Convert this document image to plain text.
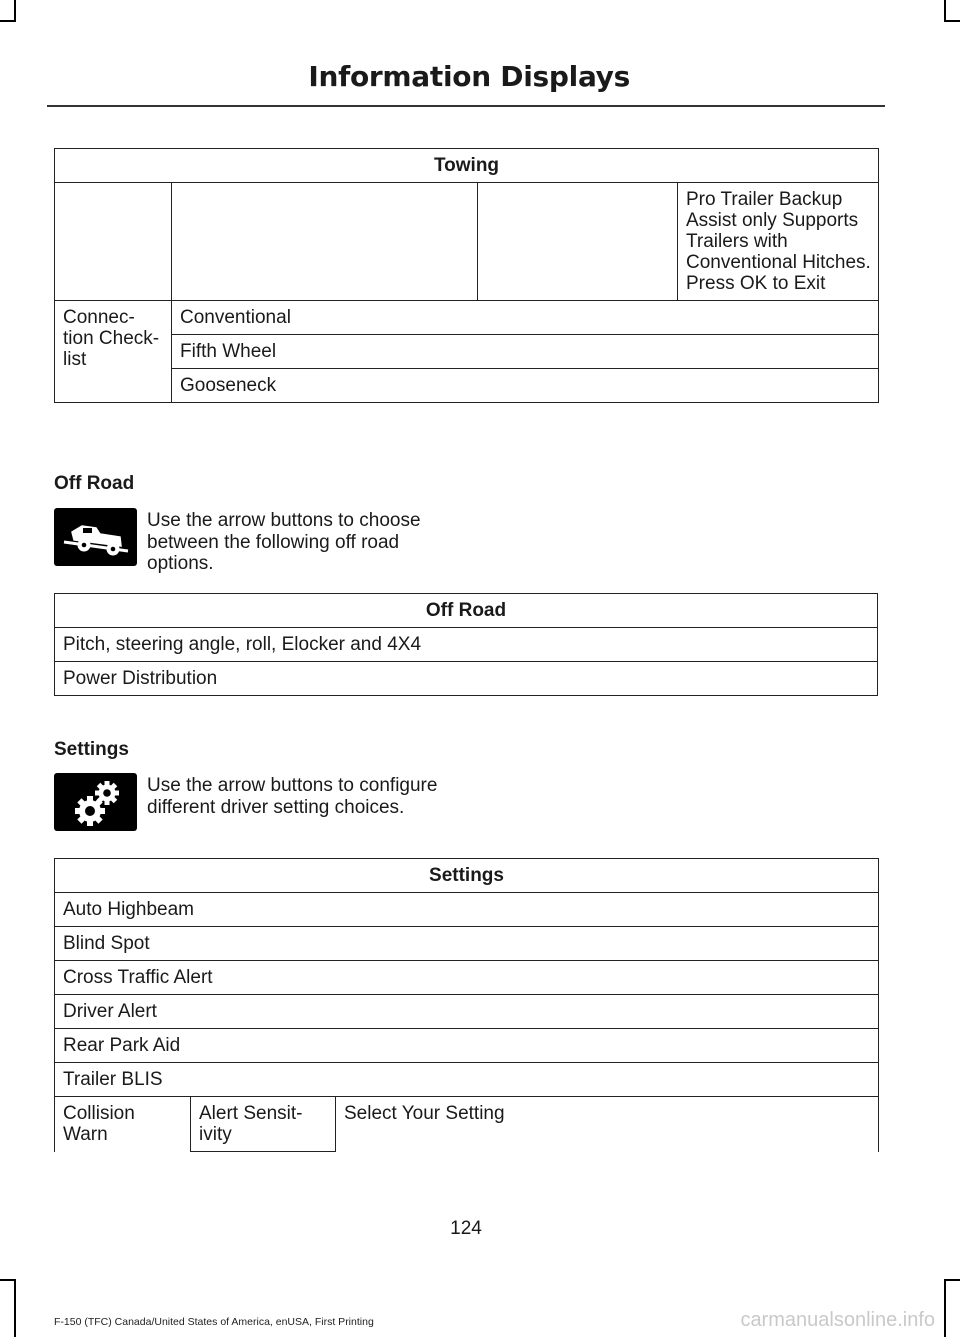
Information Displays
Towing			
			Pro Trailer Backup Assist only Supports Trailers with Conventional Hitches. Press OK to Exit
Connec-
tion Check-
list	Conventional		
	Fifth Wheel		
	Gooseneck		
Off Road
Use the arrow buttons to choose between the following off road options.
Off Road
Pitch, steering angle, roll, Elocker and 4X4
Power Distribution
Settings
Use the arrow buttons to configure different driver setting choices.
Settings
Auto Highbeam
Blind Spot
Cross Traffic Alert
Driver Alert
Rear Park Aid
Trailer BLIS
Collision
Warn	Alert Sensit-
ivity	Select Your Setting
124
F-150 (TFC) Canada/United States of America, enUSA, First Printing	carmanualsonline.info
